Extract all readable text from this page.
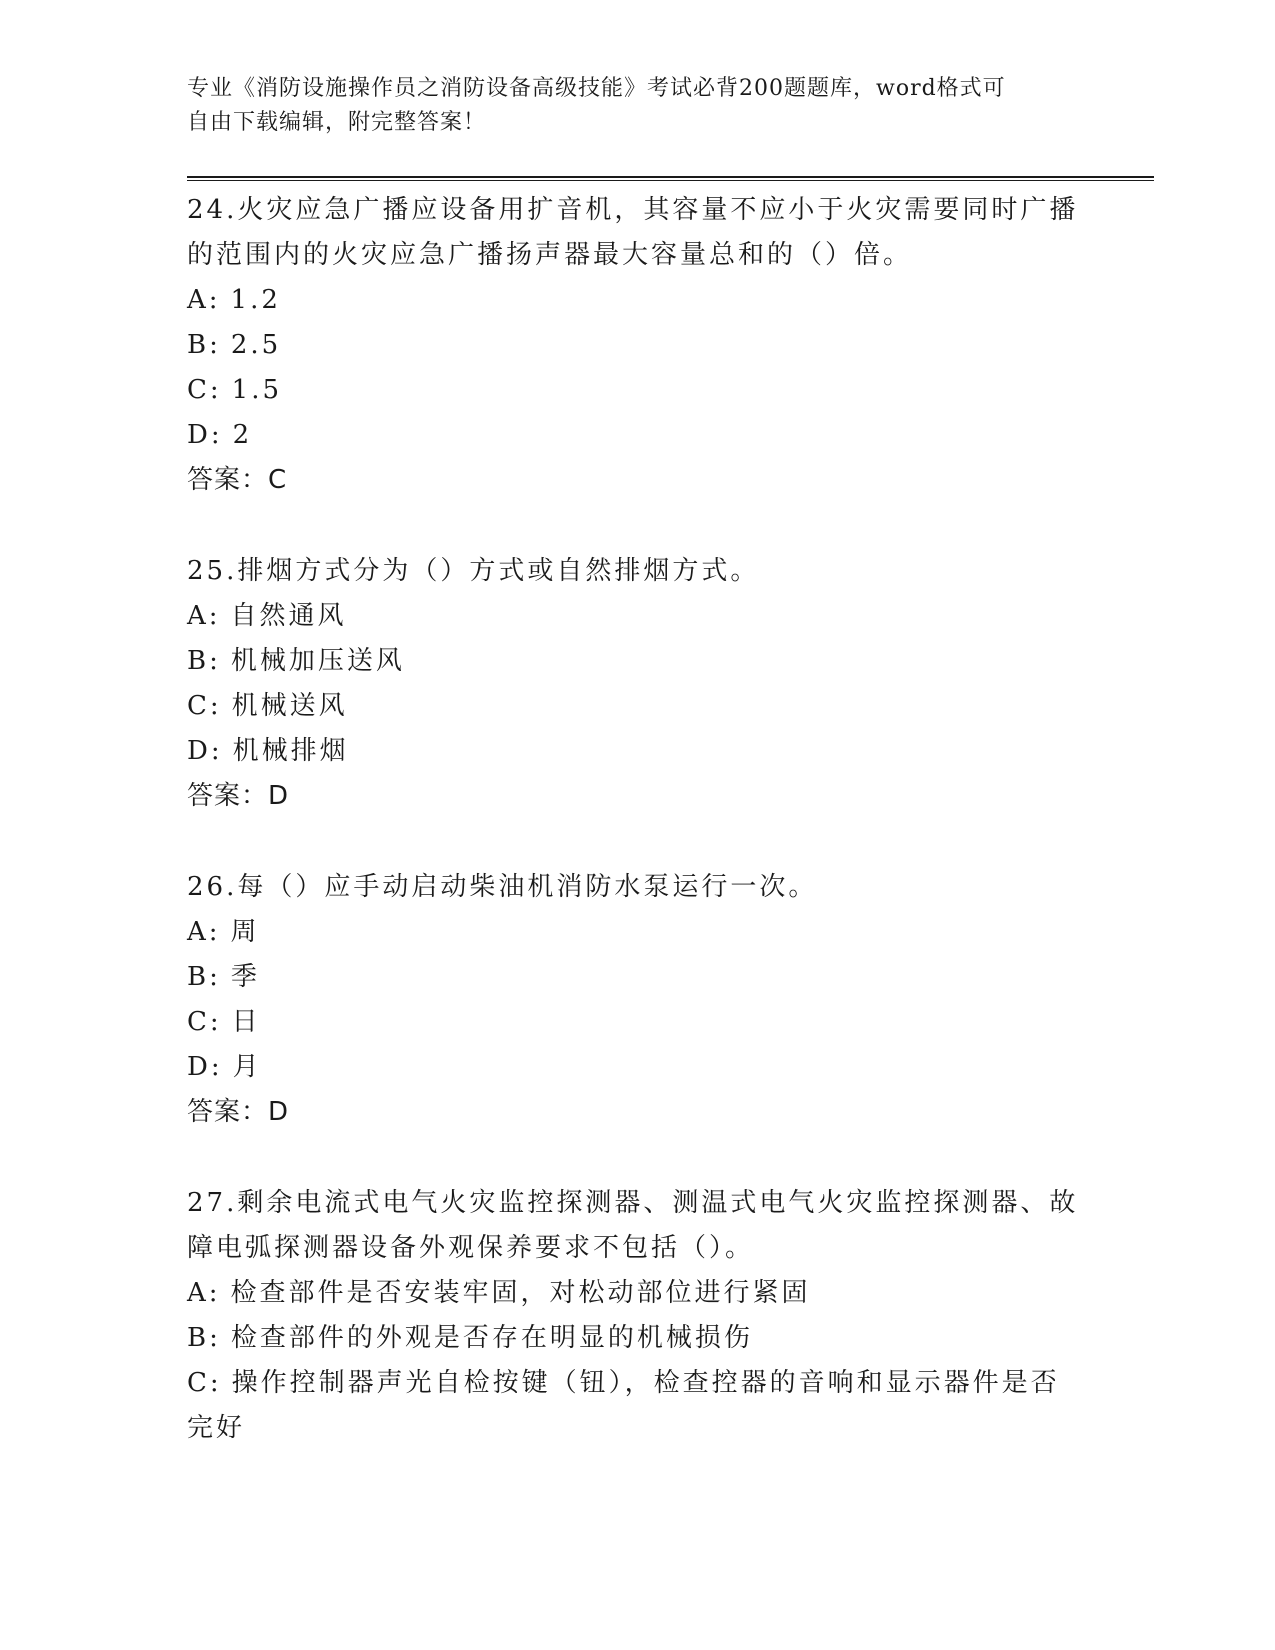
专业《消防设施操作员之消防设备高级技能》考试必背200题题库，word格式可
自由下载编辑，附完整答案！
24.火灾应急广播应设备用扩音机，其容量不应小于火灾需要同时广播的范围内的火灾应急广播扬声器最大容量总和的（）倍。
A: 1.2
B: 2.5
C: 1.5
D: 2
答案：C
25.排烟方式分为（）方式或自然排烟方式。
A: 自然通风
B: 机械加压送风
C: 机械送风
D: 机械排烟
答案：D
26.每（）应手动启动柴油机消防水泵运行一次。
A: 周
B: 季
C: 日
D: 月
答案：D
27.剩余电流式电气火灾监控探测器、测温式电气火灾监控探测器、故障电弧探测器设备外观保养要求不包括（）。
A: 检查部件是否安装牢固，对松动部位进行紧固
B: 检查部件的外观是否存在明显的机械损伤
C: 操作控制器声光自检按键（钮），检查控器的音响和显示器件是否完好
